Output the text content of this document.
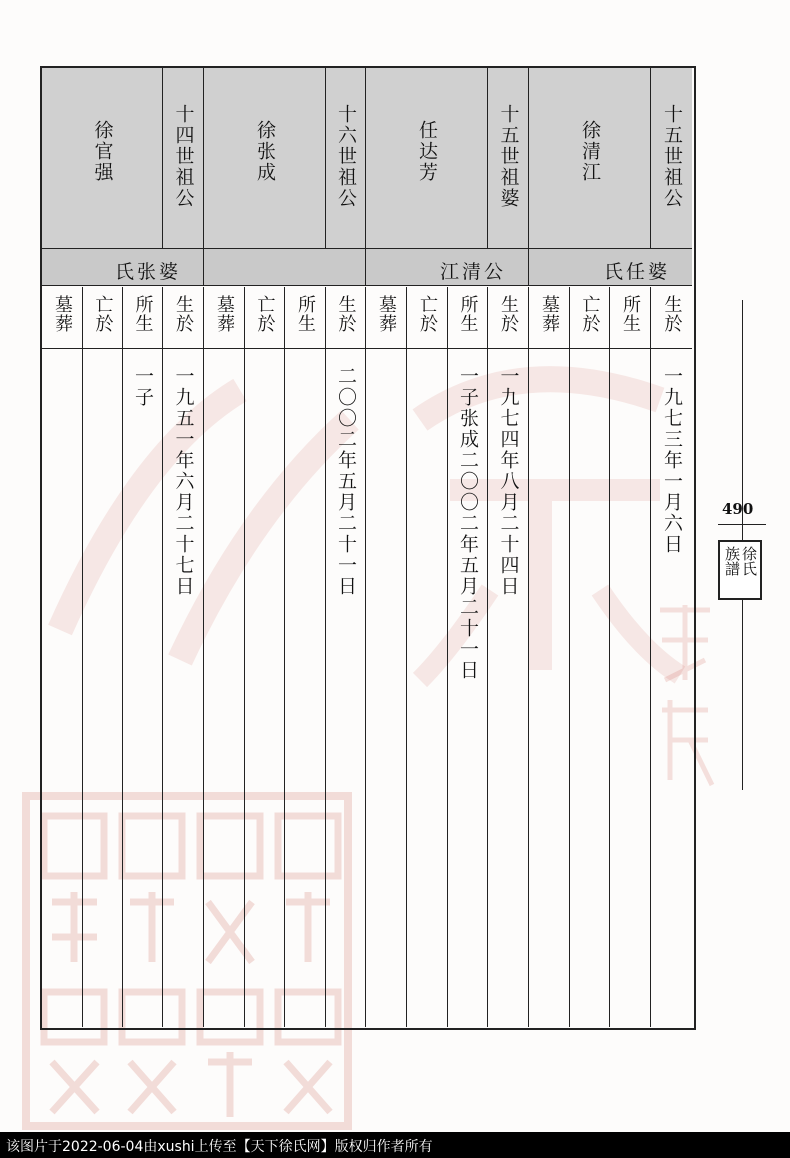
十五世祖公
徐清江
十五世祖婆
任达芳
十六世祖公
徐张成
十四世祖公
徐官强
氏任婆
江清公
氏张婆
生於
所生
亡於
墓葬
生於
所生
亡於
墓葬
生於
所生
亡於
墓葬
生於
所生
亡於
墓葬
一九七三年一月六日
一九七四年八月二十四日
一子张成二〇〇二年五月二十一日
二〇〇二年五月二十一日
一九五一年六月二十七日
一子
490
徐氏
族譜
该图片于2022-06-04由xushi上传至【天下徐氏网】版权归作者所有
